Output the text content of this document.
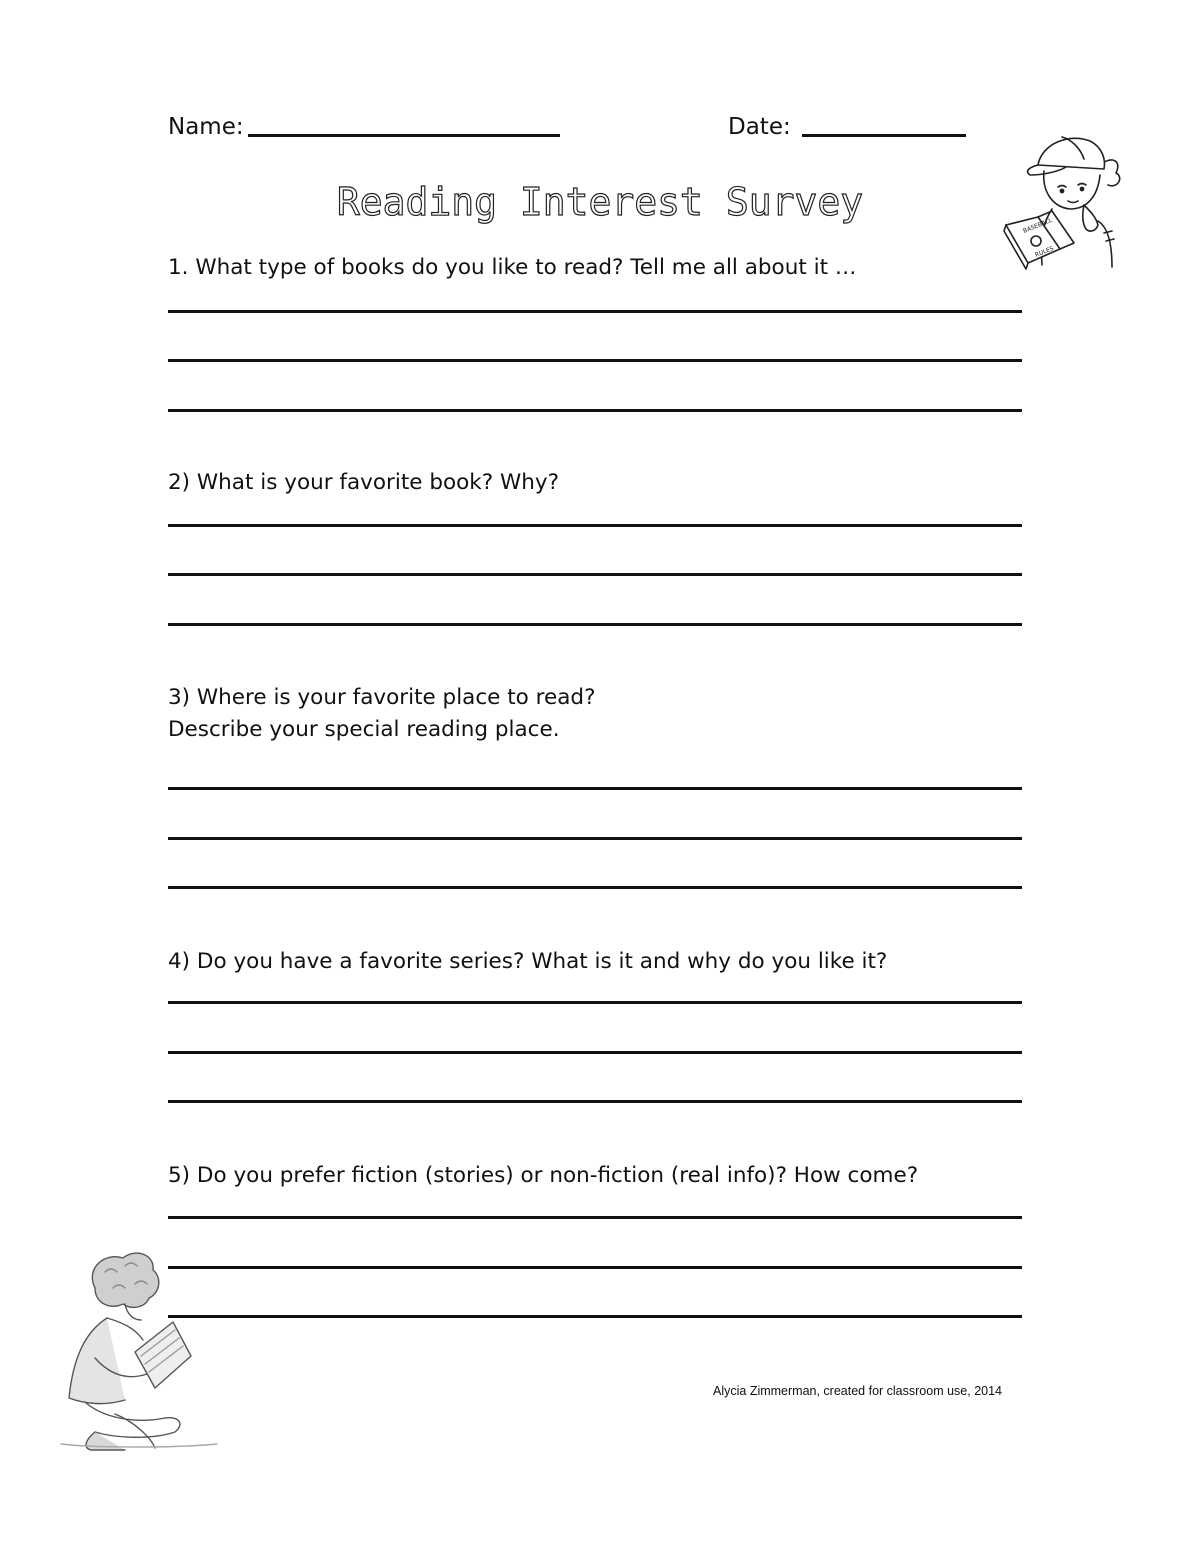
Name:	Date:
Reading Interest Survey
1. What type of books do you like to read? Tell me all about it …
2) What is your favorite book? Why?
3) Where is your favorite place to read?
Describe your special reading place.
4) Do you have a favorite series? What is it and why do you like it?
5) Do you prefer fiction (stories) or non-fiction (real info)? How come?
Alycia Zimmerman, created for classroom use, 2014
BASEBALL
RULES
